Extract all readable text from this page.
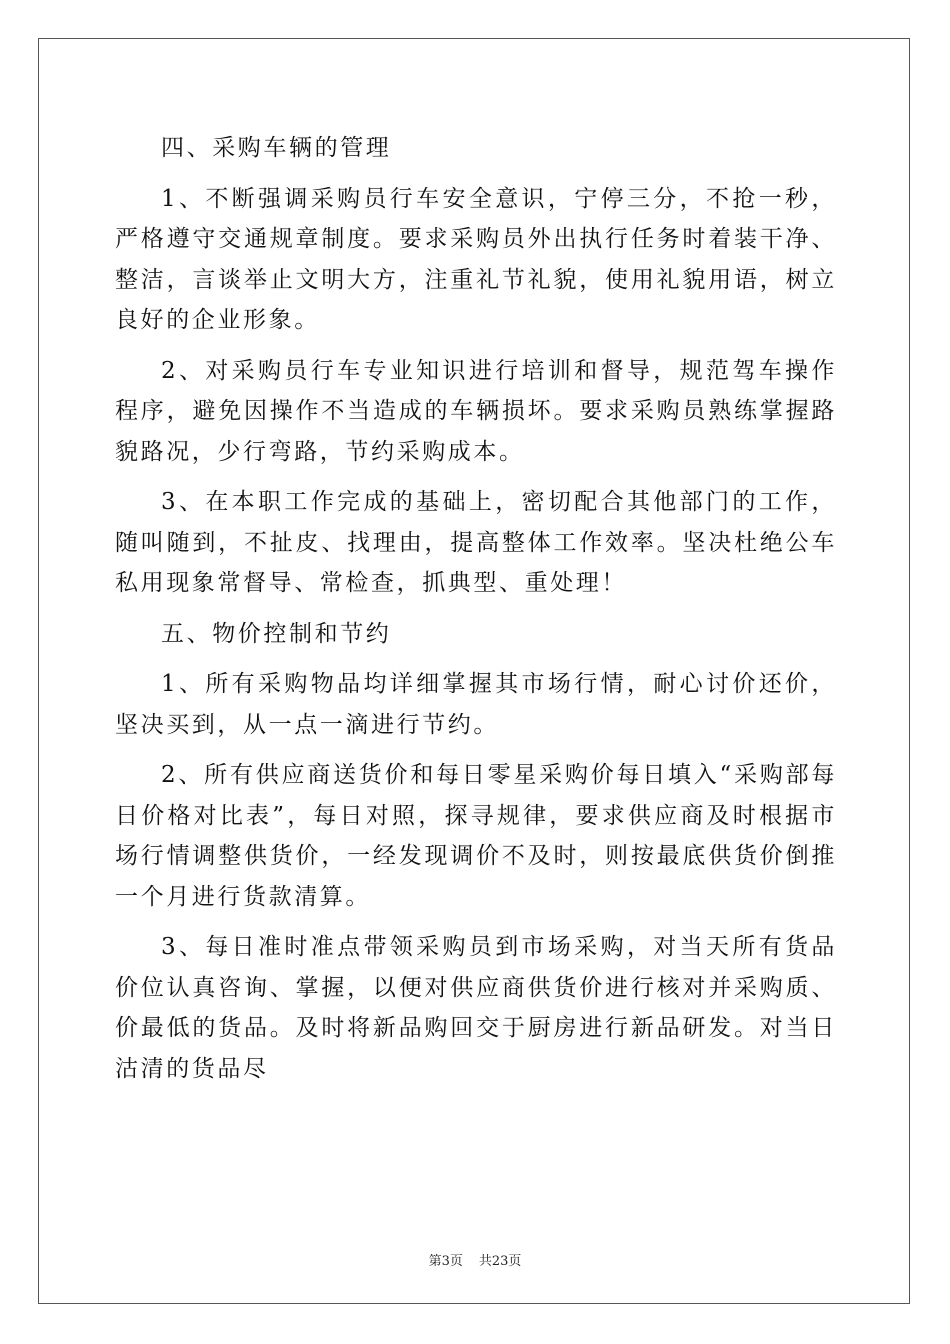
四、采购车辆的管理

1、不断强调采购员行车安全意识，宁停三分，不抢一秒，严格遵守交通规章制度。要求采购员外出执行任务时着装干净、整洁，言谈举止文明大方，注重礼节礼貌，使用礼貌用语，树立良好的企业形象。

2、对采购员行车专业知识进行培训和督导，规范驾车操作程序，避免因操作不当造成的车辆损坏。要求采购员熟练掌握路貌路况，少行弯路，节约采购成本。

3、在本职工作完成的基础上，密切配合其他部门的工作，随叫随到，不扯皮、找理由，提高整体工作效率。坚决杜绝公车私用现象常督导、常检查，抓典型、重处理！

五、物价控制和节约

1、所有采购物品均详细掌握其市场行情，耐心讨价还价，坚决买到，从一点一滴进行节约。

2、所有供应商送货价和每日零星采购价每日填入“采购部每日价格对比表”，每日对照，探寻规律，要求供应商及时根据市场行情调整供货价，一经发现调价不及时，则按最底供货价倒推一个月进行货款清算。

3、每日准时准点带领采购员到市场采购，对当天所有货品价位认真咨询、掌握，以便对供应商供货价进行核对并采购质、价最低的货品。及时将新品购回交于厨房进行新品研发。对当日沽清的货品尽

第3页 共23页
